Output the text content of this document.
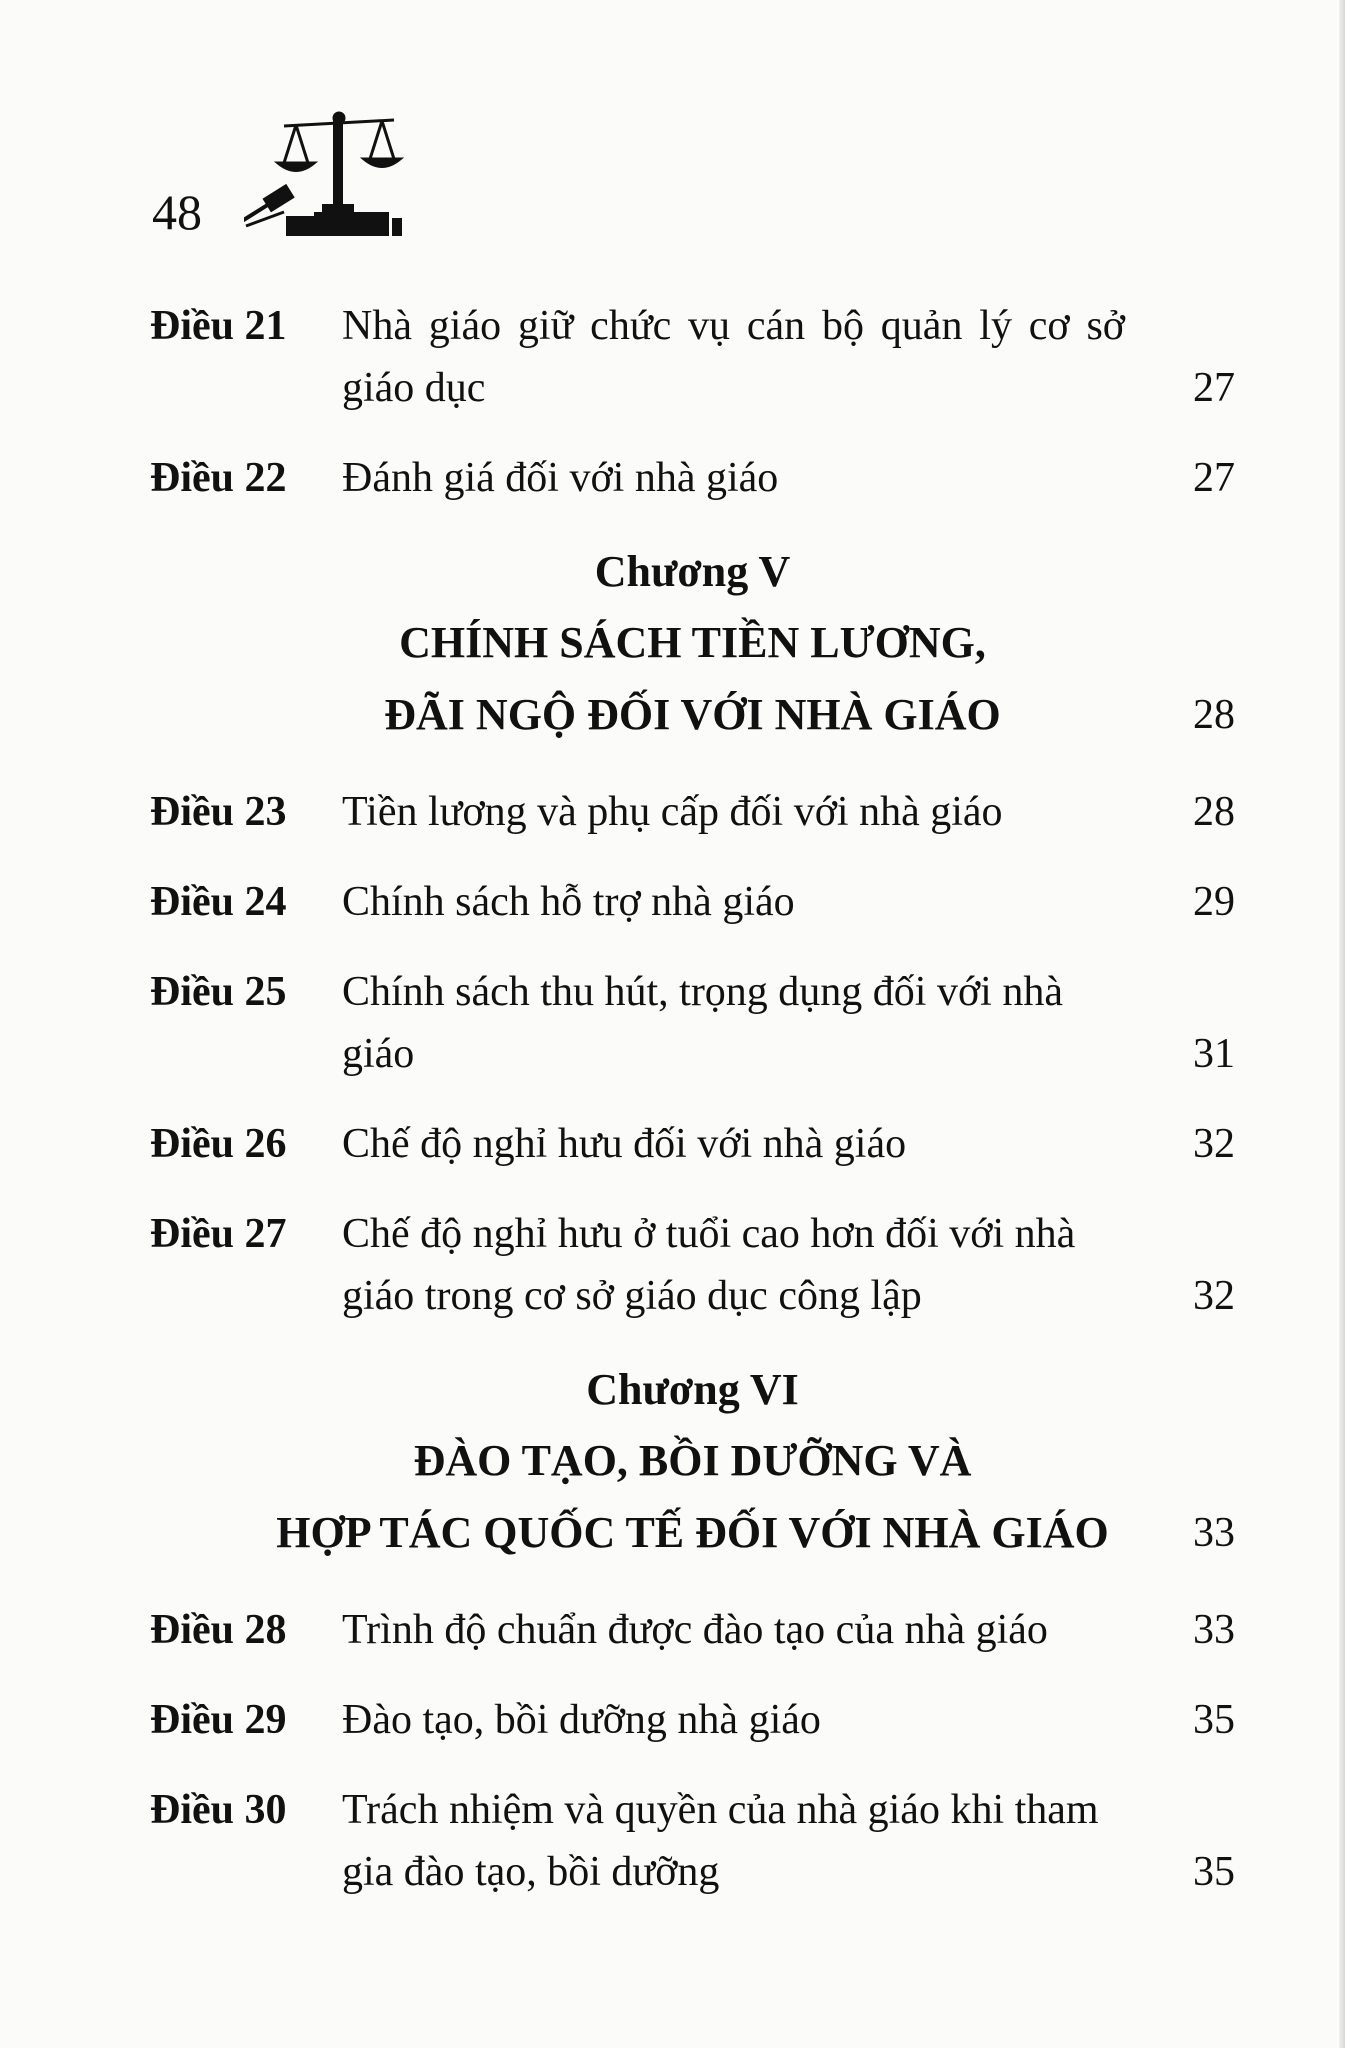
48
Điều 21	Nhà giáo giữ chức vụ cán bộ quản lý cơ sở giáo dục	27
Điều 22	Đánh giá đối với nhà giáo	27
Chương V
CHÍNH SÁCH TIỀN LƯƠNG,
ĐÃI NGỘ ĐỐI VỚI NHÀ GIÁO	28
Điều 23	Tiền lương và phụ cấp đối với nhà giáo	28
Điều 24	Chính sách hỗ trợ nhà giáo	29
Điều 25	Chính sách thu hút, trọng dụng đối với nhà giáo	31
Điều 26	Chế độ nghỉ hưu đối với nhà giáo	32
Điều 27	Chế độ nghỉ hưu ở tuổi cao hơn đối với nhà giáo trong cơ sở giáo dục công lập	32
Chương VI
ĐÀO TẠO, BỒI DƯỠNG VÀ
HỢP TÁC QUỐC TẾ ĐỐI VỚI NHÀ GIÁO	33
Điều 28	Trình độ chuẩn được đào tạo của nhà giáo	33
Điều 29	Đào tạo, bồi dưỡng nhà giáo	35
Điều 30	Trách nhiệm và quyền của nhà giáo khi tham gia đào tạo, bồi dưỡng	35
